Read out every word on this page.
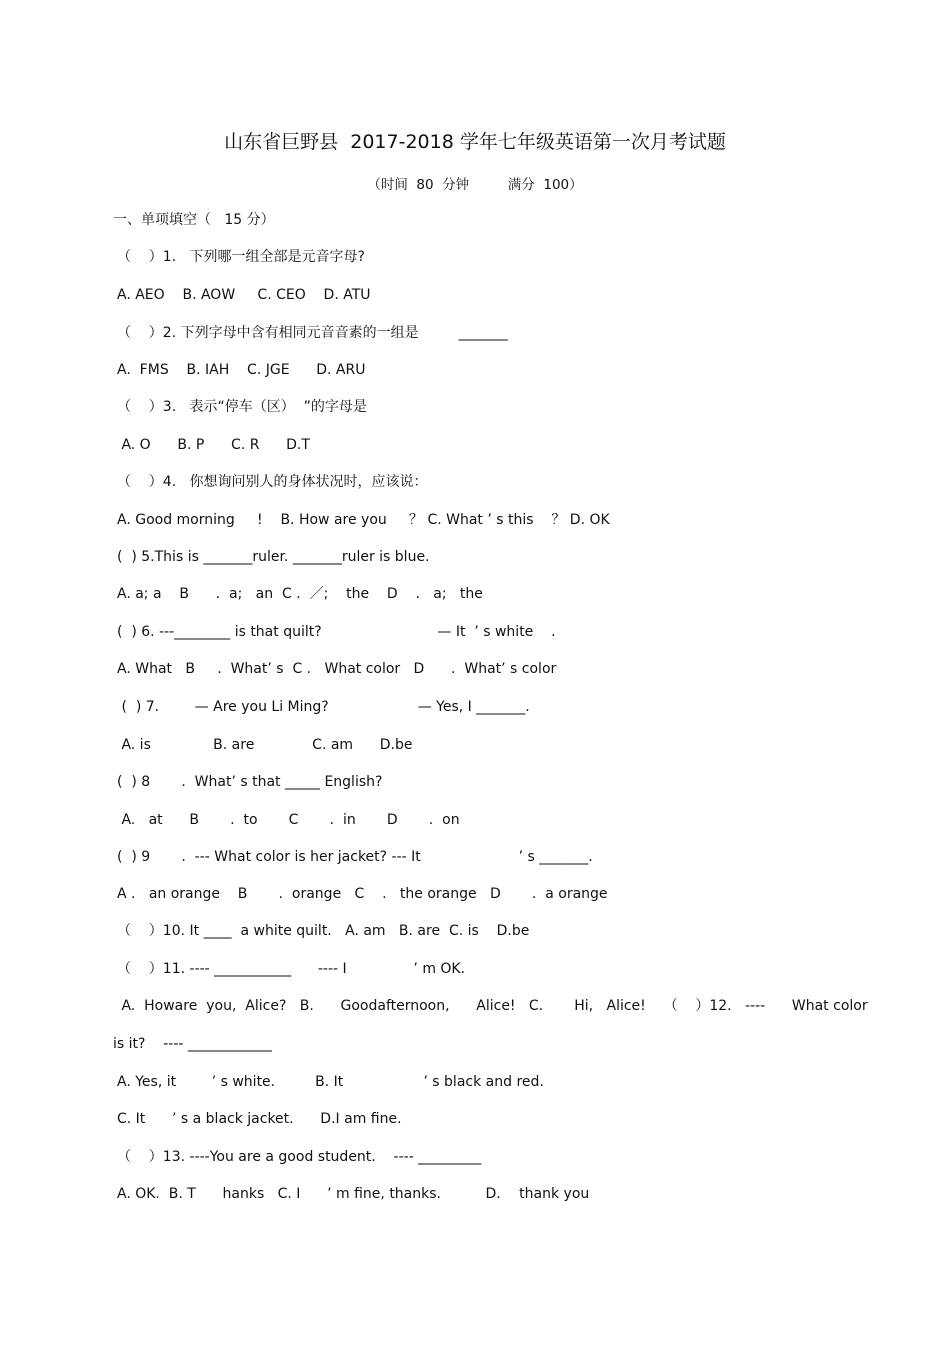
山东省巨野县  2017-2018 学年七年级英语第一次月考试题
（时间  80  分钟         满分  100）
一、单项填空（   15 分）
（    ）1.   下列哪一组全部是元音字母?
A. AEO    B. AOW     C. CEO    D. ATU
（    ）2. 下列字母中含有相同元音音素的一组是         _______
A.  FMS    B. IAH    C. JGE      D. ARU
（    ）3.   表示“停车（区）  ”的字母是
A. O      B. P      C. R      D.T
（    ）4.   你想询问别人的身体状况时，应该说：
A. Good morning     !    B. How are you     ？ C. What ’ s this    ？ D. OK
(  ) 5.This is _______ruler. _______ruler is blue.
A. a; a    B      .  a;   an  C .  ／;    the    D    .   a;   the
(  ) 6. ---________ is that quilt?                          — It  ’ s white    .
A. What   B     .  What’ s  C .   What color   D      .  What’ s color
(  ) 7.        — Are you Li Ming?                    — Yes, I _______.
A. is              B. are             C. am      D.be
(  ) 8       .  What’ s that _____ English?
A.   at      B       .  to       C       .  in       D       .  on
(  ) 9       .  --- What color is her jacket? --- It                      ’ s _______.
A .   an orange    B       .  orange   C    .   the orange   D       .  a orange
（    ）10. It ____  a white quilt.   A. am   B. are  C. is    D.be
（    ）11. ---- ___________      ---- I               ’ m OK.
A.  Howare  you,  Alice?   B.      Goodafternoon,      Alice!   C.       Hi,   Alice!    （    ）12.   ----      What color
is it?    ---- ____________
A. Yes, it        ’ s white.         B. It                  ’ s black and red.
C. It      ’ s a black jacket.      D.I am fine.
（    ）13. ----You are a good student.    ---- _________
A. OK.  B. T      hanks   C. I      ’ m fine, thanks.          D．  thank you
